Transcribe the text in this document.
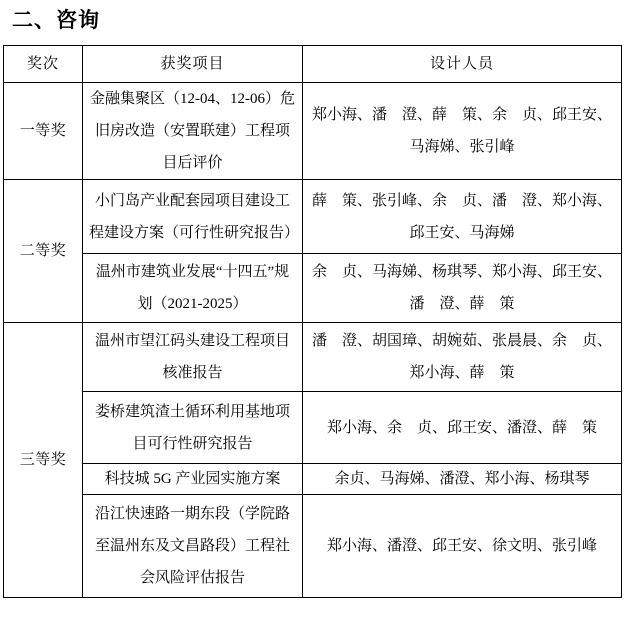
二、咨询
奖次	获奖项目	设计人员
一等奖	金融集聚区（12-04、12-06）危旧房改造（安置联建）工程项目后评价	郑小海、潘　澄、薛　策、余　贞、邱王安、马海娣、张引峰
二等奖	小门岛产业配套园项目建设工程建设方案（可行性研究报告）	薛　策、张引峰、余　贞、潘　澄、郑小海、邱王安、马海娣
	温州市建筑业发展“十四五”规划（2021-2025）	余　贞、马海娣、杨琪琴、郑小海、邱王安、潘　澄、薛　策
三等奖	温州市望江码头建设工程项目核准报告	潘　澄、胡国璋、胡婉茹、张晨晨、余　贞、郑小海、薛　策
	娄桥建筑渣土循环利用基地项目可行性研究报告	郑小海、余　贞、邱王安、潘澄、薛　策
	科技城 5G 产业园实施方案	余贞、马海娣、潘澄、郑小海、杨琪琴
	沿江快速路一期东段（学院路至温州东及文昌路段）工程社会风险评估报告	郑小海、潘澄、邱王安、徐文明、张引峰
